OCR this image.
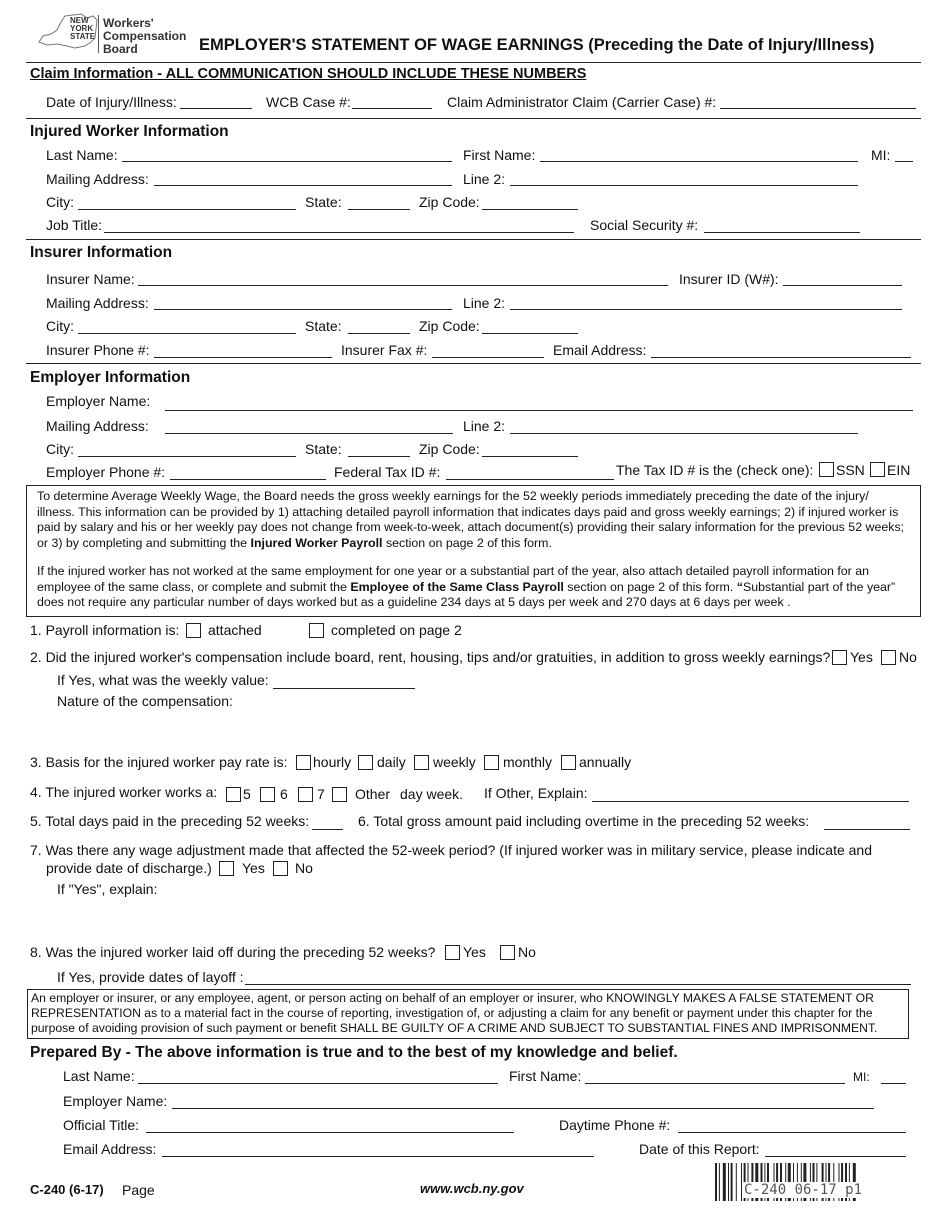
NEW
YORK
STATE
Workers'
Compensation
Board	EMPLOYER'S STATEMENT OF WAGE EARNINGS (Preceding the Date of Injury/Illness)
Claim Information - ALL COMMUNICATION SHOULD INCLUDE THESE NUMBERS
Date of Injury/Illness:	WCB Case #:	Claim Administrator Claim (Carrier Case) #:
Injured Worker Information
Last Name:	First Name:	MI:
Mailing Address:	Line 2:
City:	State:	Zip Code:
Job Title:	Social Security #:
Insurer Information
Insurer Name:	Insurer ID (W#):
Mailing Address:	Line 2:
City:	State:	Zip Code:
Insurer Phone #:	Insurer Fax #:	Email Address:
Employer Information
Employer Name:
Mailing Address:	Line 2:
City:	State:	Zip Code:
Employer Phone #:	Federal Tax ID #:	The Tax ID # is the (check one): SSN EIN
To determine Average Weekly Wage, the Board needs the gross weekly earnings for the 52 weekly periods immediately preceding the date of the injury/
illness. This information can be provided by 1) attaching detailed payroll information that indicates days paid and gross weekly earnings; 2) if injured worker is
paid by salary and his or her weekly pay does not change from week-to-week, attach document(s) providing their salary information for the previous 52 weeks;
or 3) by completing and submitting the Injured Worker Payroll section on page 2 of this form.
If the injured worker has not worked at the same employment for one year or a substantial part of the year, also attach detailed payroll information for an
employee of the same class, or complete and submit the Employee of the Same Class Payroll section on page 2 of this form. “Substantial part of the year”
does not require any particular number of days worked but as a guideline 234 days at 5 days per week and 270 days at 6 days per week .
1. Payroll information is: attached	completed on page 2
2. Did the injured worker's compensation include board, rent, housing, tips and/or gratuities, in addition to gross weekly earnings? Yes No
If Yes, what was the weekly value:
Nature of the compensation:
3. Basis for the injured worker pay rate is: hourly daily weekly monthly annually
4. The injured worker works a: 5 6 7 Other day week. If Other, Explain:
5. Total days paid in the preceding 52 weeks:	6. Total gross amount paid including overtime in the preceding 52 weeks:
7. Was there any wage adjustment made that affected the 52-week period? (If injured worker was in military service, please indicate and
provide date of discharge.) Yes No
If "Yes", explain:
8. Was the injured worker laid off during the preceding 52 weeks? Yes No
If Yes, provide dates of layoff :
An employer or insurer, or any employee, agent, or person acting on behalf of an employer or insurer, who KNOWINGLY MAKES A FALSE STATEMENT OR
REPRESENTATION as to a material fact in the course of reporting, investigation of, or adjusting a claim for any benefit or payment under this chapter for the
purpose of avoiding provision of such payment or benefit SHALL BE GUILTY OF A CRIME AND SUBJECT TO SUBSTANTIAL FINES AND IMPRISONMENT.
Prepared By - The above information is true and to the best of my knowledge and belief.
Last Name:	First Name:	MI:
Employer Name:
Official Title:	Daytime Phone #:
Email Address:	Date of this Report:
C-240 (6-17) Page	www.wcb.ny.gov	C-240 06-17 p1
